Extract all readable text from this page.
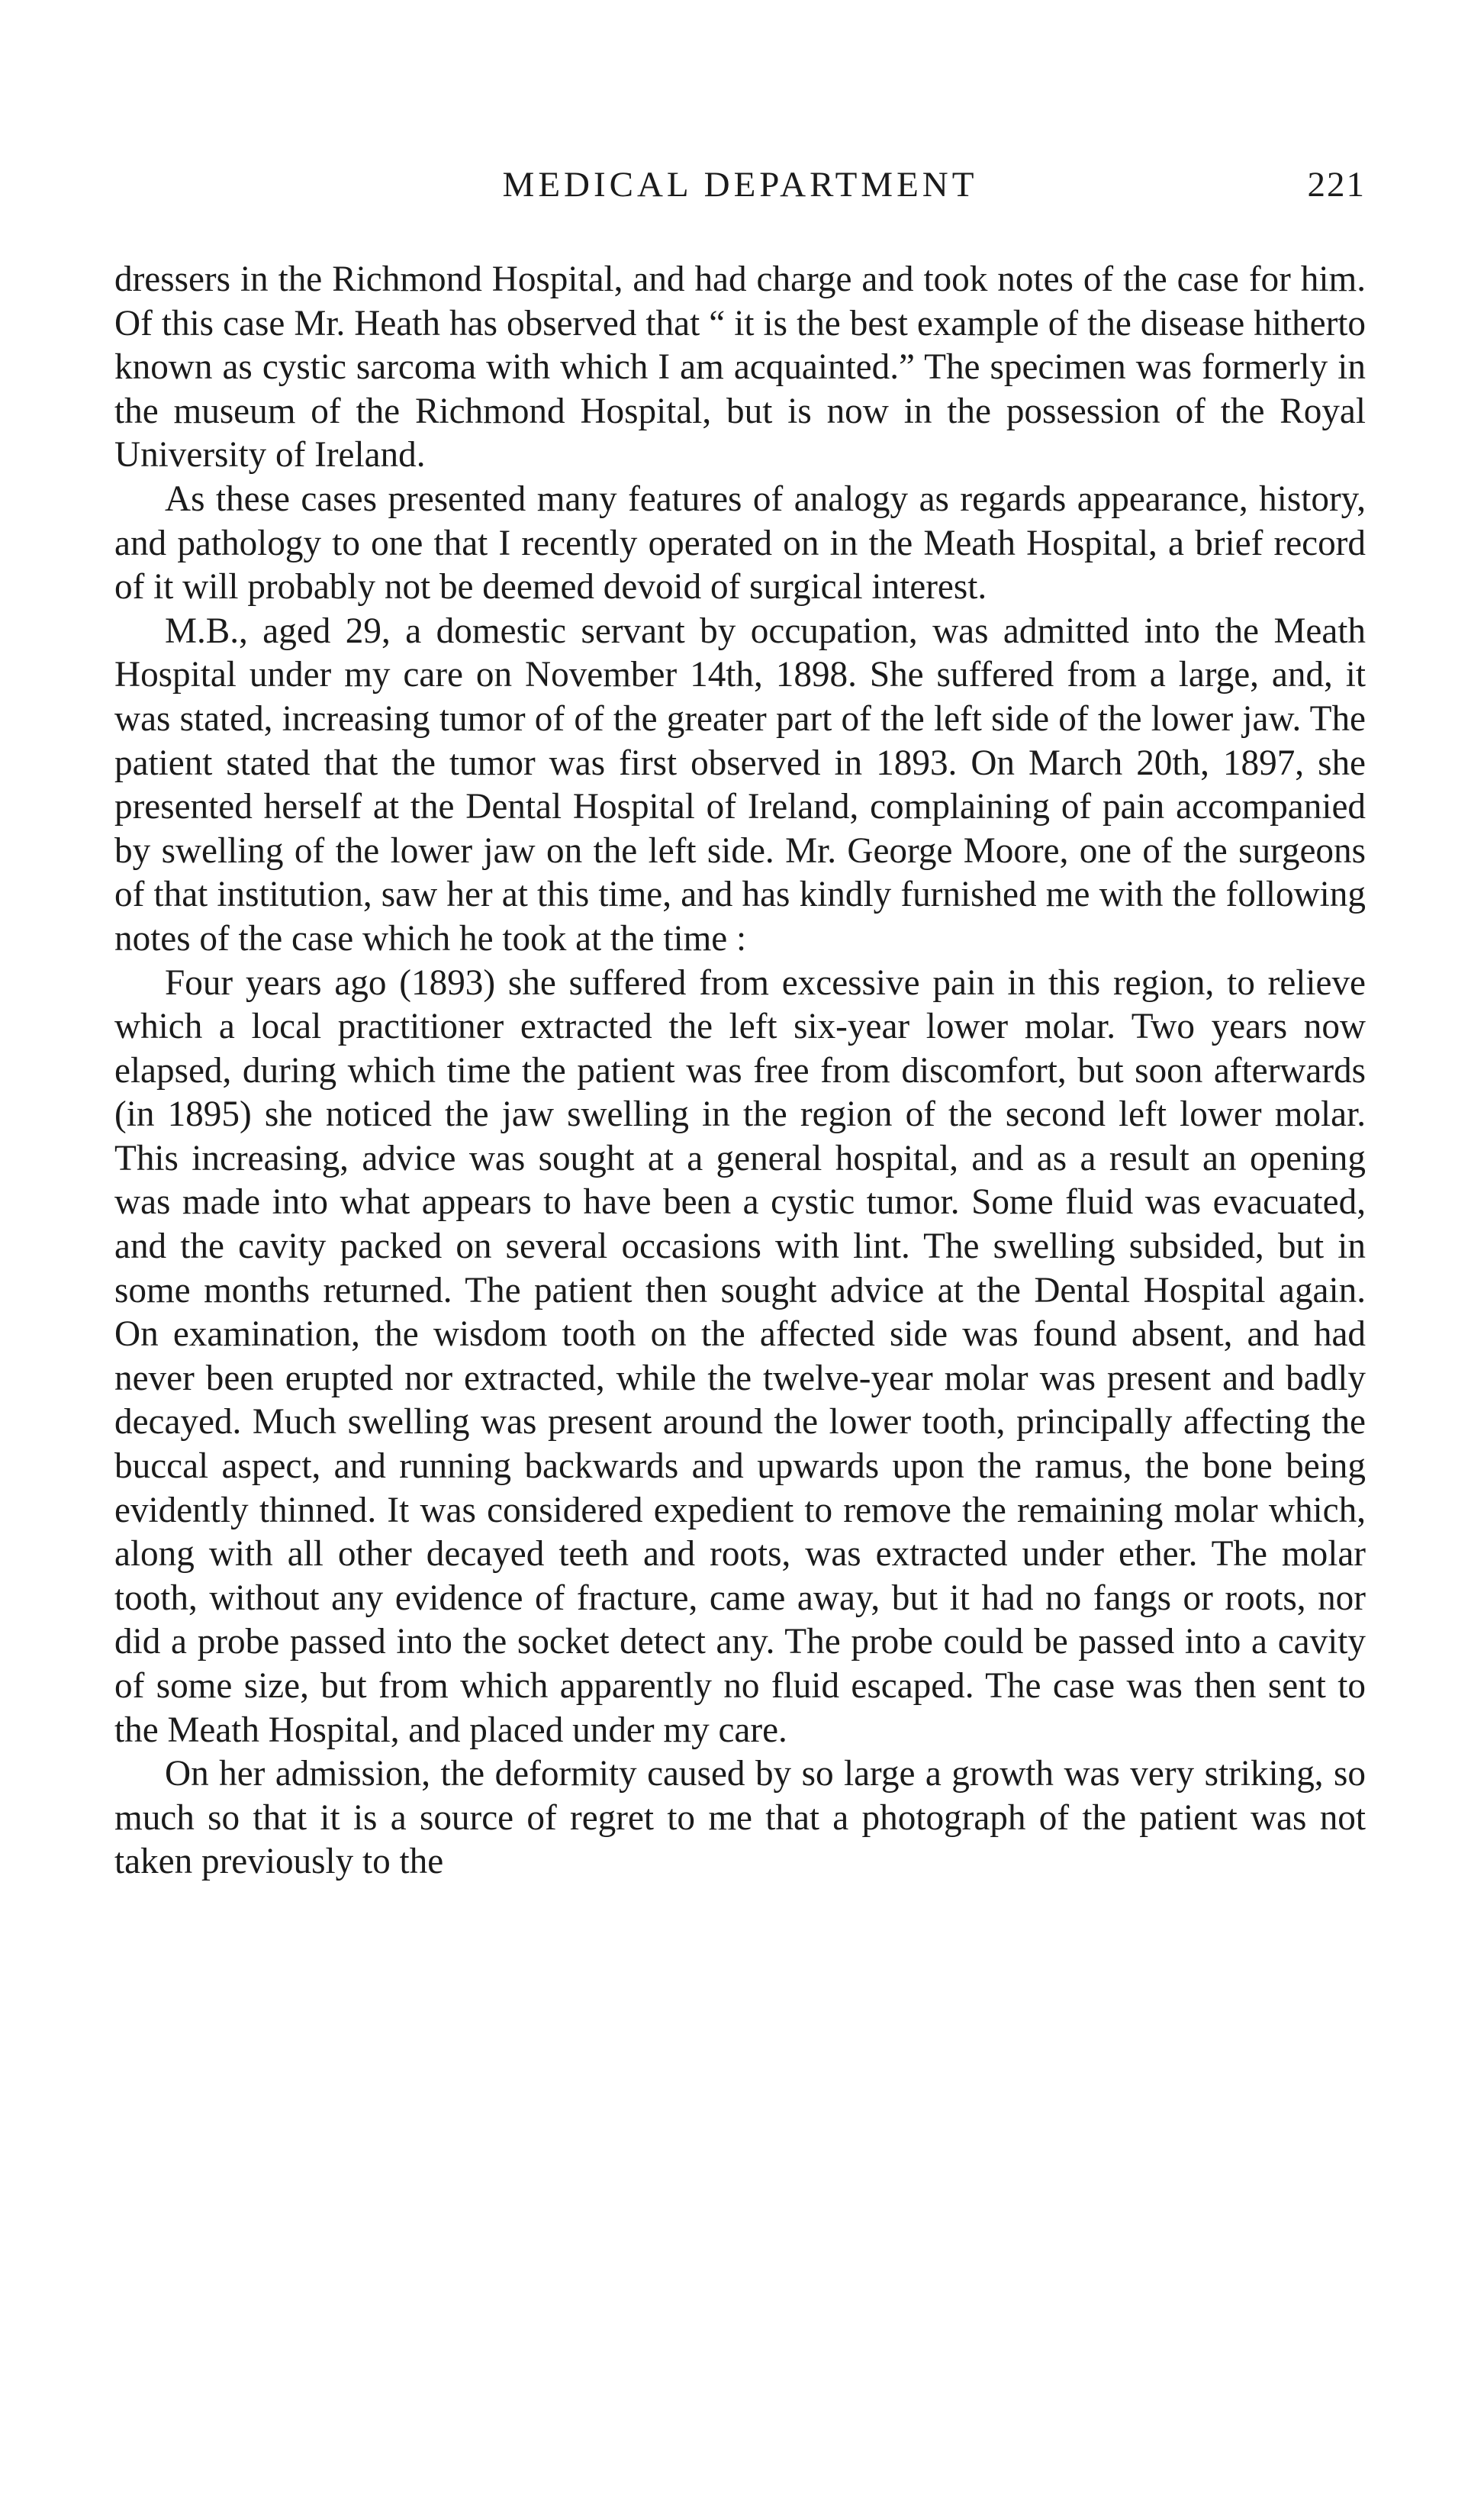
MEDICAL DEPARTMENT	221

dressers in the Richmond Hospital, and had charge and took notes of the case for him. Of this case Mr. Heath has observed that “ it is the best example of the disease hitherto known as cystic sarcoma with which I am acquainted.” The specimen was formerly in the museum of the Richmond Hospital, but is now in the possession of the Royal University of Ireland.

As these cases presented many features of analogy as regards appearance, history, and pathology to one that I recently operated on in the Meath Hospital, a brief record of it will probably not be deemed devoid of surgical interest.

M.B., aged 29, a domestic servant by occupation, was admitted into the Meath Hospital under my care on November 14th, 1898. She suffered from a large, and, it was stated, increasing tumor of of the greater part of the left side of the lower jaw. The patient stated that the tumor was first observed in 1893. On March 20th, 1897, she presented herself at the Dental Hospital of Ireland, complaining of pain accompanied by swelling of the lower jaw on the left side. Mr. George Moore, one of the surgeons of that institution, saw her at this time, and has kindly furnished me with the following notes of the case which he took at the time :

Four years ago (1893) she suffered from excessive pain in this region, to relieve which a local practitioner extracted the left six-year lower molar. Two years now elapsed, during which time the patient was free from discomfort, but soon afterwards (in 1895) she noticed the jaw swelling in the region of the second left lower molar. This increasing, advice was sought at a general hospital, and as a result an opening was made into what appears to have been a cystic tumor. Some fluid was evacuated, and the cavity packed on several occasions with lint. The swelling subsided, but in some months returned. The patient then sought advice at the Dental Hospital again. On examination, the wisdom tooth on the affected side was found absent, and had never been erupted nor extracted, while the twelve-year molar was present and badly decayed. Much swelling was present around the lower tooth, principally affecting the buccal aspect, and running backwards and upwards upon the ramus, the bone being evidently thinned. It was considered expedient to remove the remaining molar which, along with all other decayed teeth and roots, was extracted under ether. The molar tooth, without any evidence of fracture, came away, but it had no fangs or roots, nor did a probe passed into the socket detect any. The probe could be passed into a cavity of some size, but from which apparently no fluid escaped. The case was then sent to the Meath Hospital, and placed under my care.

On her admission, the deformity caused by so large a growth was very striking, so much so that it is a source of regret to me that a photograph of the patient was not taken previously to the
